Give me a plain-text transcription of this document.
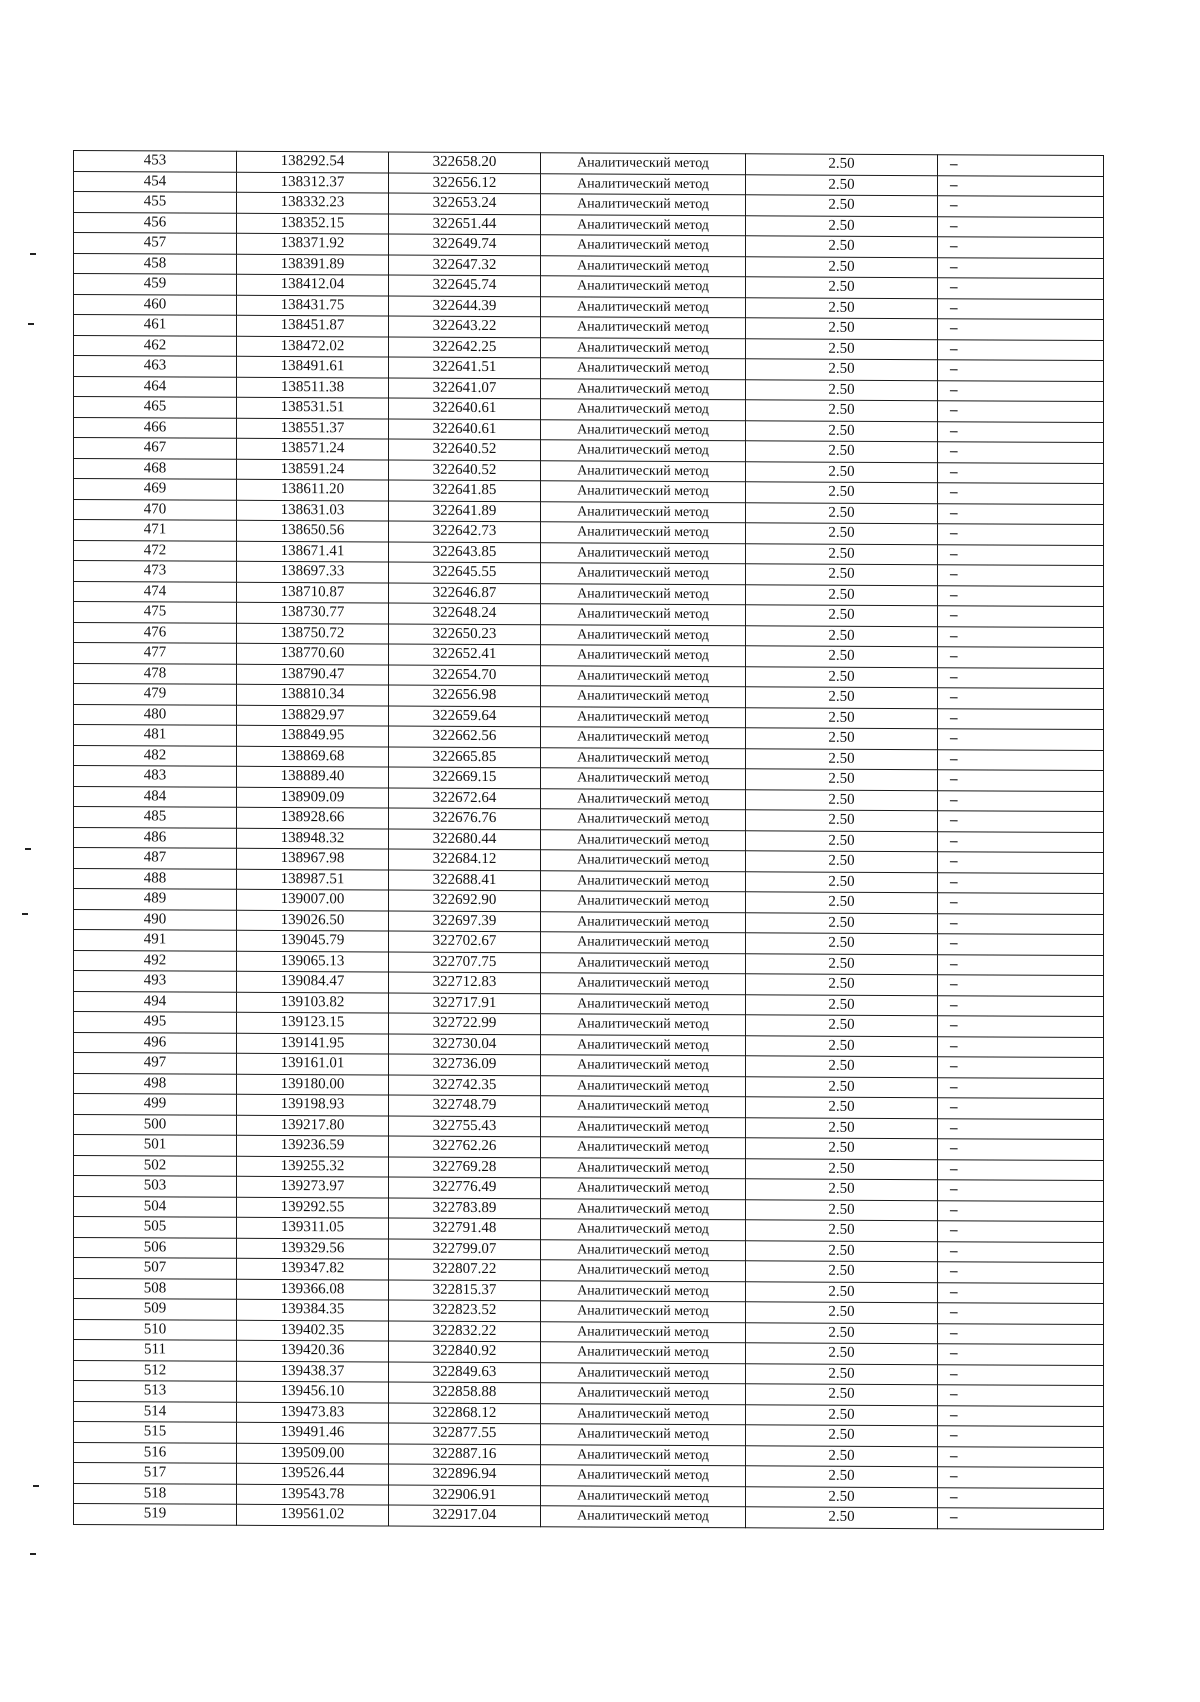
453	138292.54	322658.20	Аналитический метод	2.50	–
454	138312.37	322656.12	Аналитический метод	2.50	–
455	138332.23	322653.24	Аналитический метод	2.50	–
456	138352.15	322651.44	Аналитический метод	2.50	–
457	138371.92	322649.74	Аналитический метод	2.50	–
458	138391.89	322647.32	Аналитический метод	2.50	–
459	138412.04	322645.74	Аналитический метод	2.50	–
460	138431.75	322644.39	Аналитический метод	2.50	–
461	138451.87	322643.22	Аналитический метод	2.50	–
462	138472.02	322642.25	Аналитический метод	2.50	–
463	138491.61	322641.51	Аналитический метод	2.50	–
464	138511.38	322641.07	Аналитический метод	2.50	–
465	138531.51	322640.61	Аналитический метод	2.50	–
466	138551.37	322640.61	Аналитический метод	2.50	–
467	138571.24	322640.52	Аналитический метод	2.50	–
468	138591.24	322640.52	Аналитический метод	2.50	–
469	138611.20	322641.85	Аналитический метод	2.50	–
470	138631.03	322641.89	Аналитический метод	2.50	–
471	138650.56	322642.73	Аналитический метод	2.50	–
472	138671.41	322643.85	Аналитический метод	2.50	–
473	138697.33	322645.55	Аналитический метод	2.50	–
474	138710.87	322646.87	Аналитический метод	2.50	–
475	138730.77	322648.24	Аналитический метод	2.50	–
476	138750.72	322650.23	Аналитический метод	2.50	–
477	138770.60	322652.41	Аналитический метод	2.50	–
478	138790.47	322654.70	Аналитический метод	2.50	–
479	138810.34	322656.98	Аналитический метод	2.50	–
480	138829.97	322659.64	Аналитический метод	2.50	–
481	138849.95	322662.56	Аналитический метод	2.50	–
482	138869.68	322665.85	Аналитический метод	2.50	–
483	138889.40	322669.15	Аналитический метод	2.50	–
484	138909.09	322672.64	Аналитический метод	2.50	–
485	138928.66	322676.76	Аналитический метод	2.50	–
486	138948.32	322680.44	Аналитический метод	2.50	–
487	138967.98	322684.12	Аналитический метод	2.50	–
488	138987.51	322688.41	Аналитический метод	2.50	–
489	139007.00	322692.90	Аналитический метод	2.50	–
490	139026.50	322697.39	Аналитический метод	2.50	–
491	139045.79	322702.67	Аналитический метод	2.50	–
492	139065.13	322707.75	Аналитический метод	2.50	–
493	139084.47	322712.83	Аналитический метод	2.50	–
494	139103.82	322717.91	Аналитический метод	2.50	–
495	139123.15	322722.99	Аналитический метод	2.50	–
496	139141.95	322730.04	Аналитический метод	2.50	–
497	139161.01	322736.09	Аналитический метод	2.50	–
498	139180.00	322742.35	Аналитический метод	2.50	–
499	139198.93	322748.79	Аналитический метод	2.50	–
500	139217.80	322755.43	Аналитический метод	2.50	–
501	139236.59	322762.26	Аналитический метод	2.50	–
502	139255.32	322769.28	Аналитический метод	2.50	–
503	139273.97	322776.49	Аналитический метод	2.50	–
504	139292.55	322783.89	Аналитический метод	2.50	–
505	139311.05	322791.48	Аналитический метод	2.50	–
506	139329.56	322799.07	Аналитический метод	2.50	–
507	139347.82	322807.22	Аналитический метод	2.50	–
508	139366.08	322815.37	Аналитический метод	2.50	–
509	139384.35	322823.52	Аналитический метод	2.50	–
510	139402.35	322832.22	Аналитический метод	2.50	–
511	139420.36	322840.92	Аналитический метод	2.50	–
512	139438.37	322849.63	Аналитический метод	2.50	–
513	139456.10	322858.88	Аналитический метод	2.50	–
514	139473.83	322868.12	Аналитический метод	2.50	–
515	139491.46	322877.55	Аналитический метод	2.50	–
516	139509.00	322887.16	Аналитический метод	2.50	–
517	139526.44	322896.94	Аналитический метод	2.50	–
518	139543.78	322906.91	Аналитический метод	2.50	–
519	139561.02	322917.04	Аналитический метод	2.50	–
